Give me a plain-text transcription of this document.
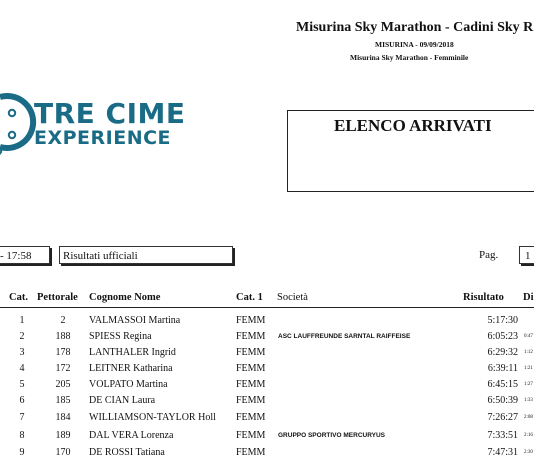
Misurina Sky Marathon - Cadini Sky R
MISURINA - 09/09/2018
Misurina Sky Marathon - Femminile
TRE CIME
EXPERIENCE
ELENCO ARRIVATI
- 17:58	Risultati ufficiali	Pag.	1
Cat. Pettorale Cognome Nome	Cat. 1 Società	Risultato Di
1	2	VALMASSOI Martina	FEMM	5:17:30
2	188	SPIESS Regina	FEMM ASC LAUFFREUNDE SARNTAL RAIFFEISE	6:05:23 0:47
3	178	LANTHALER Ingrid	FEMM	6:29:32 1:12
4	172	LEITNER Katharina	FEMM	6:39:11 1:21
5	205	VOLPATO Martina	FEMM	6:45:15 1:27
6	185	DE CIAN Laura	FEMM	6:50:39 1:33
7	184	WILLIAMSON-TAYLOR Holl FEMM	7:26:27 2:08
8	189	DAL VERA Lorenza	FEMM GRUPPO SPORTIVO MERCURYUS	7:33:51 2:16
9	170	DE ROSSI Tatiana	FEMM	7:47:31 2:30
